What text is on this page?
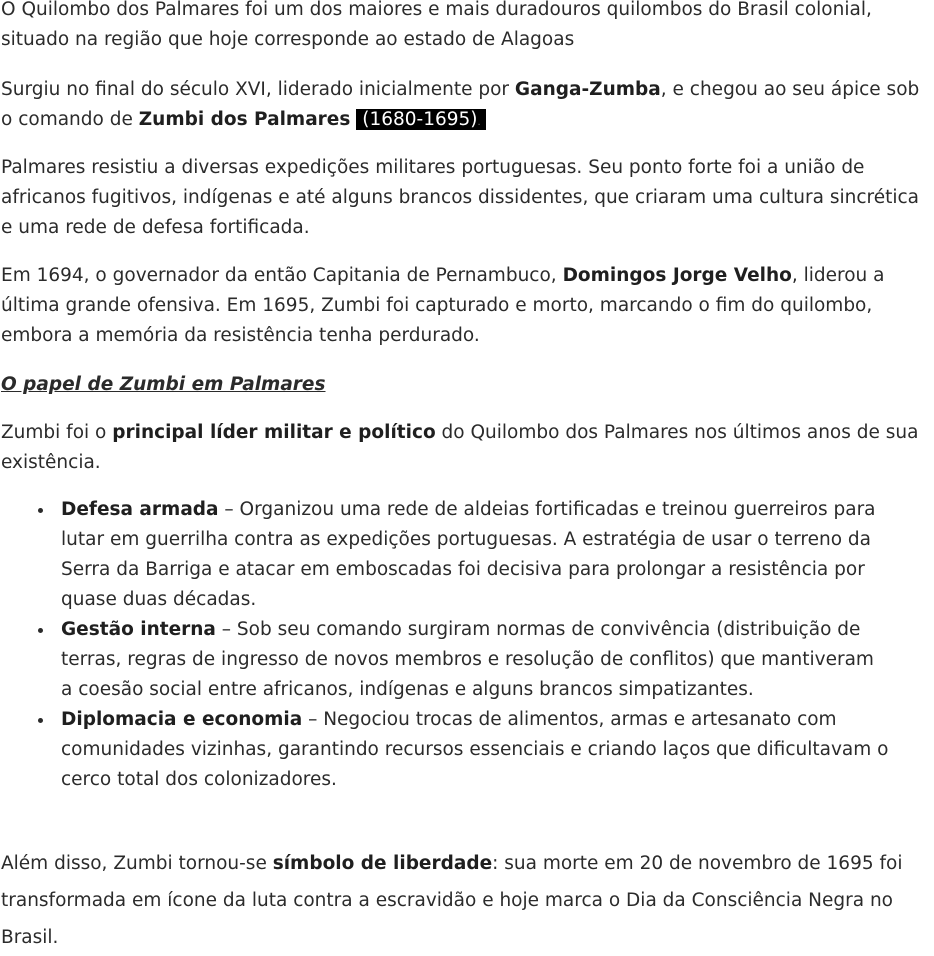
O Quilombo dos Palmares foi um dos maiores e mais duradouros quilombos do Brasil colonial, situado na região que hoje corresponde ao estado de Alagoas

Surgiu no final do século XVI, liderado inicialmente por Ganga-Zumba, e chegou ao seu ápice sob o comando de Zumbi dos Palmares (1680-1695).

Palmares resistiu a diversas expedições militares portuguesas. Seu ponto forte foi a união de africanos fugitivos, indígenas e até alguns brancos dissidentes, que criaram uma cultura sincrética e uma rede de defesa fortificada.

Em 1694, o governador da então Capitania de Pernambuco, Domingos Jorge Velho, liderou a última grande ofensiva. Em 1695, Zumbi foi capturado e morto, marcando o fim do quilombo, embora a memória da resistência tenha perdurado.

O papel de Zumbi em Palmares

Zumbi foi o principal líder militar e político do Quilombo dos Palmares nos últimos anos de sua existência.

Defesa armada – Organizou uma rede de aldeias fortificadas e treinou guerreiros para lutar em guerrilha contra as expedições portuguesas. A estratégia de usar o terreno da Serra da Barriga e atacar em emboscadas foi decisiva para prolongar a resistência por quase duas décadas.
Gestão interna – Sob seu comando surgiram normas de convivência (distribuição de terras, regras de ingresso de novos membros e resolução de conflitos) que mantiveram a coesão social entre africanos, indígenas e alguns brancos simpatizantes.
Diplomacia e economia – Negociou trocas de alimentos, armas e artesanato com comunidades vizinhas, garantindo recursos essenciais e criando laços que dificultavam o cerco total dos colonizadores.

Além disso, Zumbi tornou-se símbolo de liberdade: sua morte em 20 de novembro de 1695 foi transformada em ícone da luta contra a escravidão e hoje marca o Dia da Consciência Negra no Brasil.
